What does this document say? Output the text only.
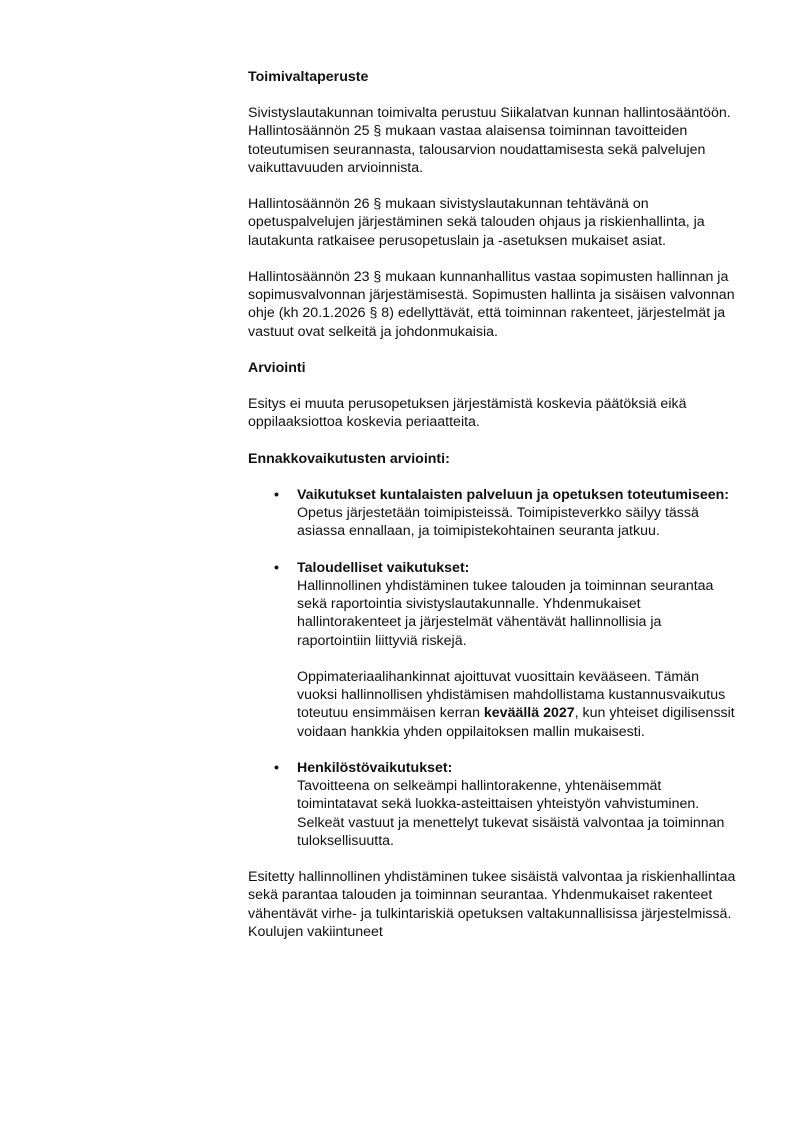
Toimivaltaperuste

Sivistyslautakunnan toimivalta perustuu Siikalatvan kunnan hallintosääntöön. Hallintosäännön 25 § mukaan vastaa alaisensa toiminnan tavoitteiden toteutumisen seurannasta, talousarvion noudattamisesta sekä palvelujen vaikuttavuuden arvioinnista.

Hallintosäännön 26 § mukaan sivistyslautakunnan tehtävänä on opetuspalvelujen järjestäminen sekä talouden ohjaus ja riskienhallinta, ja lautakunta ratkaisee perusopetuslain ja -asetuksen mukaiset asiat.

Hallintosäännön 23 § mukaan kunnanhallitus vastaa sopimusten hallinnan ja sopimusvalvonnan järjestämisestä. Sopimusten hallinta ja sisäisen valvonnan ohje (kh 20.1.2026 § 8) edellyttävät, että toiminnan rakenteet, järjestelmät ja vastuut ovat selkeitä ja johdonmukaisia.

Arviointi

Esitys ei muuta perusopetuksen järjestämistä koskevia päätöksiä eikä oppilaaksiottoa koskevia periaatteita.

Ennakkovaikutusten arviointi:
• Vaikutukset kuntalaisten palveluun ja opetuksen toteutumiseen:
Opetus järjestetään toimipisteissä. Toimipisteverkko säilyy tässä asiassa ennallaan, ja toimipistekohtainen seuranta jatkuu.
• Taloudelliset vaikutukset:
Hallinnollinen yhdistäminen tukee talouden ja toiminnan seurantaa sekä raportointia sivistyslautakunnalle. Yhdenmukaiset hallintorakenteet ja järjestelmät vähentävät hallinnollisia ja raportointiin liittyviä riskejä.
Oppimateriaalihankinnat ajoittuvat vuosittain kevääseen. Tämän vuoksi hallinnollisen yhdistämisen mahdollistama kustannusvaikutus toteutuu ensimmäisen kerran keväällä 2027, kun yhteiset digilisenssit voidaan hankkia yhden oppilaitoksen mallin mukaisesti.
• Henkilöstövaikutukset:
Tavoitteena on selkeämpi hallintorakenne, yhtenäisemmät toimintatavat sekä luokka-asteittaisen yhteistyön vahvistuminen. Selkeät vastuut ja menettelyt tukevat sisäistä valvontaa ja toiminnan tuloksellisuutta.

Esitetty hallinnollinen yhdistäminen tukee sisäistä valvontaa ja riskienhallintaa sekä parantaa talouden ja toiminnan seurantaa. Yhdenmukaiset rakenteet vähentävät virhe- ja tulkintariskiä opetuksen valtakunnallisissa järjestelmissä. Koulujen vakiintuneet
